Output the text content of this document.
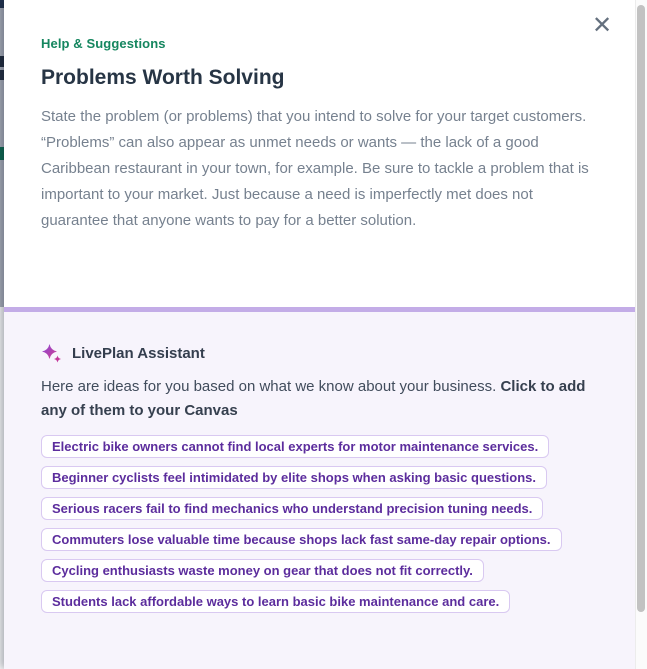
✕
Help & Suggestions
Problems Worth Solving

State the problem (or problems) that you intend to solve for your target customers. “Problems” can also appear as unmet needs or wants — the lack of a good Caribbean restaurant in your town, for example. Be sure to tackle a problem that is important to your market. Just because a need is imperfectly met does not guarantee that anyone wants to pay for a better solution.

LivePlan Assistant

Here are ideas for you based on what we know about your business. Click to add any of them to your Canvas

Electric bike owners cannot find local experts for motor maintenance services.
Beginner cyclists feel intimidated by elite shops when asking basic questions.
Serious racers fail to find mechanics who understand precision tuning needs.
Commuters lose valuable time because shops lack fast same-day repair options.
Cycling enthusiasts waste money on gear that does not fit correctly.
Students lack affordable ways to learn basic bike maintenance and care.
